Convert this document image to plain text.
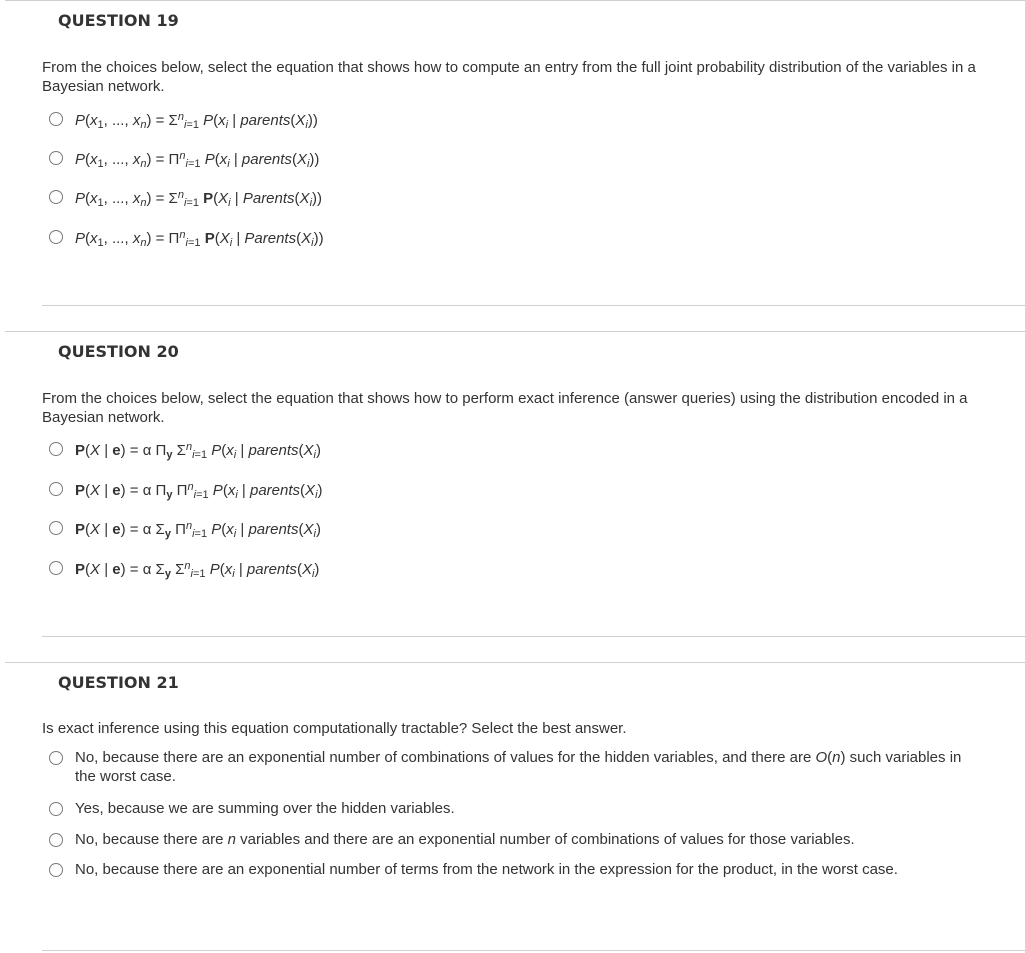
QUESTION 19
From the choices below, select the equation that shows how to compute an entry from the full joint probability distribution of the variables in a Bayesian network.
$P(x_1$, ..., $x_n) = \Sigma^n_{i=1}$ $P(x_i$ | $parents(X_i)$)
$P(x_1$, ..., $x_n) = \Pi^n_{i=1}$ $P(x_i$ | $parents(X_i)$)
$P(x_1$, ..., $x_n) = \Sigma^n_{i=1}$ $P(X_i$ | $Parents(X_i)$)
$P(x_1$, ..., $x_n) = \Pi^n_{i=1}$ $P(X_i$ | $Parents(X_i)$)
QUESTION 20
From the choices below, select the equation that shows how to perform exact inference (answer queries) using the distribution encoded in a Bayesian network.
P(X | e) = α $\Pi_y$ $\Sigma^n_{i=1}$ $P(x_i$ | $parents(X_i)$
P(X | e) = α $\Pi_y$ $\Pi^n_{i=1}$ $P(x_i$ | $parents(X_i)$
P(X | e) = α $\Sigma_y$ $\Pi^n_{i=1}$ $P(x_i$ | $parents(X_i)$
P(X | e) = α $\Sigma_y$ $\Sigma^n_{i=1}$ $P(x_i$ | $parents(X_i)$
QUESTION 21
Is exact inference using this equation computationally tractable? Select the best answer.
No, because there are an exponential number of combinations of values for the hidden variables, and there are O(n) such variables in the worst case.
Yes, because we are summing over the hidden variables.
No, because there are n variables and there are an exponential number of combinations of values for those variables.
No, because there are an exponential number of terms from the network in the expression for the product, in the worst case.
